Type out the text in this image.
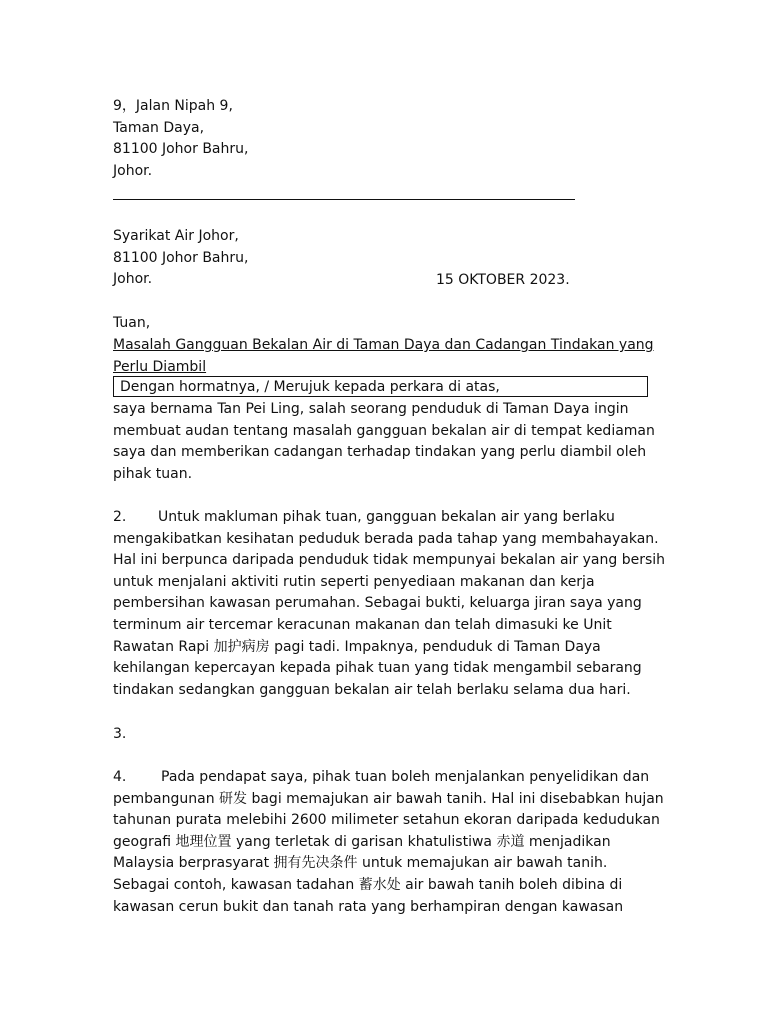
9，Jalan Nipah 9,
Taman Daya,
81100 Johor Bahru,
Johor.
Syarikat Air Johor,
81100 Johor Bahru,
Johor.	15 OKTOBER 2023.
Tuan,
Masalah Gangguan Bekalan Air di Taman Daya dan Cadangan Tindakan yang
Perlu Diambil
Dengan hormatnya, / Merujuk kepada perkara di atas,
saya bernama Tan Pei Ling, salah seorang penduduk di Taman Daya ingin
membuat audan tentang masalah gangguan bekalan air di tempat kediaman
saya dan memberikan cadangan terhadap tindakan yang perlu diambil oleh
pihak tuan.
2. Untuk makluman pihak tuan, gangguan bekalan air yang berlaku
mengakibatkan kesihatan peduduk berada pada tahap yang membahayakan.
Hal ini berpunca daripada penduduk tidak mempunyai bekalan air yang bersih
untuk menjalani aktiviti rutin seperti penyediaan makanan dan kerja
pembersihan kawasan perumahan. Sebagai bukti, keluarga jiran saya yang
terminum air tercemar keracunan makanan dan telah dimasuki ke Unit
Rawatan Rapi 加护病房 pagi tadi. Impaknya, penduduk di Taman Daya
kehilangan kepercayan kepada pihak tuan yang tidak mengambil sebarang
tindakan sedangkan gangguan bekalan air telah berlaku selama dua hari.
3.
4. Pada pendapat saya, pihak tuan boleh menjalankan penyelidikan dan
pembangunan 研发 bagi memajukan air bawah tanih. Hal ini disebabkan hujan
tahunan purata melebihi 2600 milimeter setahun ekoran daripada kedudukan
geografi 地理位置 yang terletak di garisan khatulistiwa 赤道 menjadikan
Malaysia berprasyarat 拥有先决条件 untuk memajukan air bawah tanih.
Sebagai contoh, kawasan tadahan 蓄水处 air bawah tanih boleh dibina di
kawasan cerun bukit dan tanah rata yang berhampiran dengan kawasan
